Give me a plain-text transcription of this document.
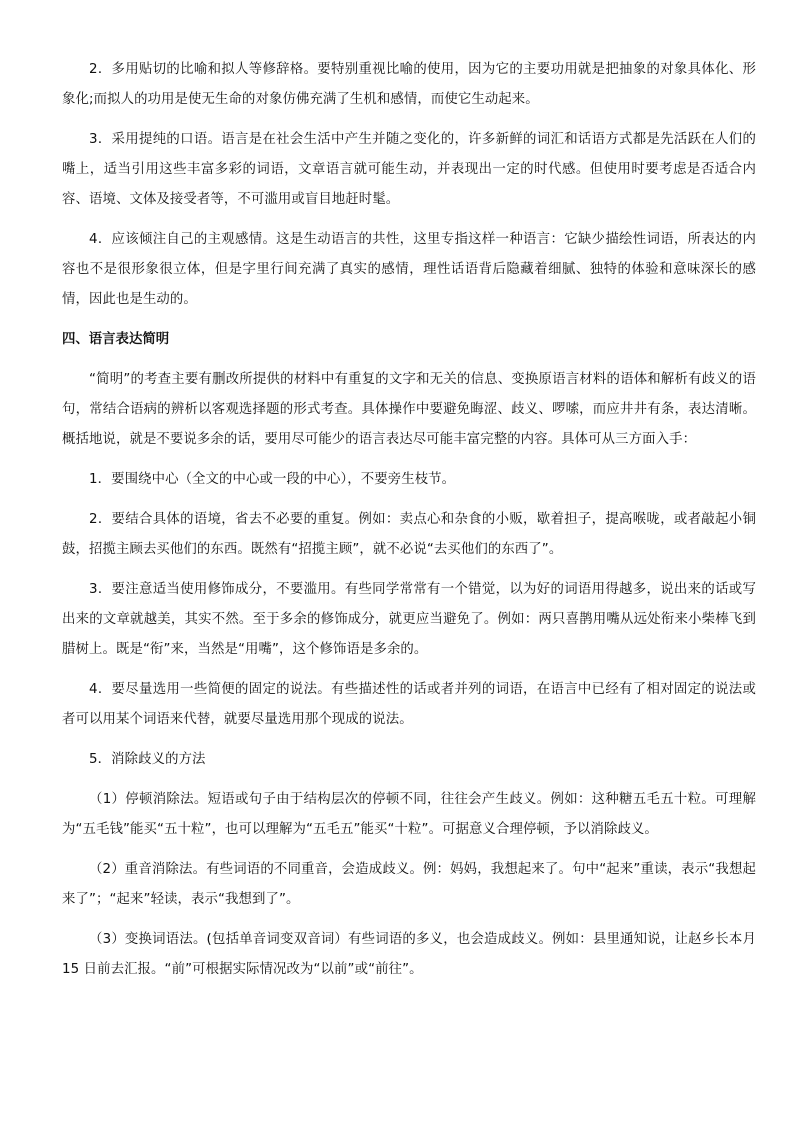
2．多用贴切的比喻和拟人等修辞格。要特别重视比喻的使用，因为它的主要功用就是把抽象的对象具体化、形象化;而拟人的功用是使无生命的对象仿佛充满了生机和感情，而使它生动起来。

3．采用提纯的口语。语言是在社会生活中产生并随之变化的，许多新鲜的词汇和话语方式都是先活跃在人们的嘴上，适当引用这些丰富多彩的词语，文章语言就可能生动，并表现出一定的时代感。但使用时要考虑是否适合内容、语境、文体及接受者等，不可滥用或盲目地赶时髦。

4．应该倾注自己的主观感情。这是生动语言的共性，这里专指这样一种语言：它缺少描绘性词语，所表达的内容也不是很形象很立体，但是字里行间充满了真实的感情，理性话语背后隐藏着细腻、独特的体验和意味深长的感情，因此也是生动的。

四、语言表达简明

“简明”的考查主要有删改所提供的材料中有重复的文字和无关的信息、变换原语言材料的语体和解析有歧义的语句，常结合语病的辨析以客观选择题的形式考查。具体操作中要避免晦涩、歧义、啰嗦，而应井井有条，表达清晰。概括地说，就是不要说多余的话，要用尽可能少的语言表达尽可能丰富完整的内容。具体可从三方面入手：

1．要围绕中心（全文的中心或一段的中心），不要旁生枝节。

2．要结合具体的语境，省去不必要的重复。例如：卖点心和杂食的小贩，歇着担子，提高喉咙，或者敲起小铜鼓，招揽主顾去买他们的东西。既然有“招揽主顾”，就不必说“去买他们的东西了”。

3．要注意适当使用修饰成分，不要滥用。有些同学常常有一个错觉，以为好的词语用得越多，说出来的话或写出来的文章就越美，其实不然。至于多余的修饰成分，就更应当避免了。例如：两只喜鹊用嘴从远处衔来小柴棒飞到腊树上。既是“衔”来，当然是“用嘴”，这个修饰语是多余的。

4．要尽量选用一些简便的固定的说法。有些描述性的话或者并列的词语，在语言中已经有了相对固定的说法或者可以用某个词语来代替，就要尽量选用那个现成的说法。

5．消除歧义的方法

（1）停顿消除法。短语或句子由于结构层次的停顿不同，往往会产生歧义。例如：这种糖五毛五十粒。可理解为“五毛钱”能买“五十粒”，也可以理解为“五毛五”能买“十粒”。可据意义合理停顿，予以消除歧义。

（2）重音消除法。有些词语的不同重音，会造成歧义。例：妈妈，我想起来了。句中“起来”重读，表示“我想起来了”；“起来”轻读，表示“我想到了”。

（3）变换词语法。(包括单音词变双音词）有些词语的多义，也会造成歧义。例如：县里通知说，让赵乡长本月 15 日前去汇报。“前”可根据实际情况改为“以前”或“前往”。
